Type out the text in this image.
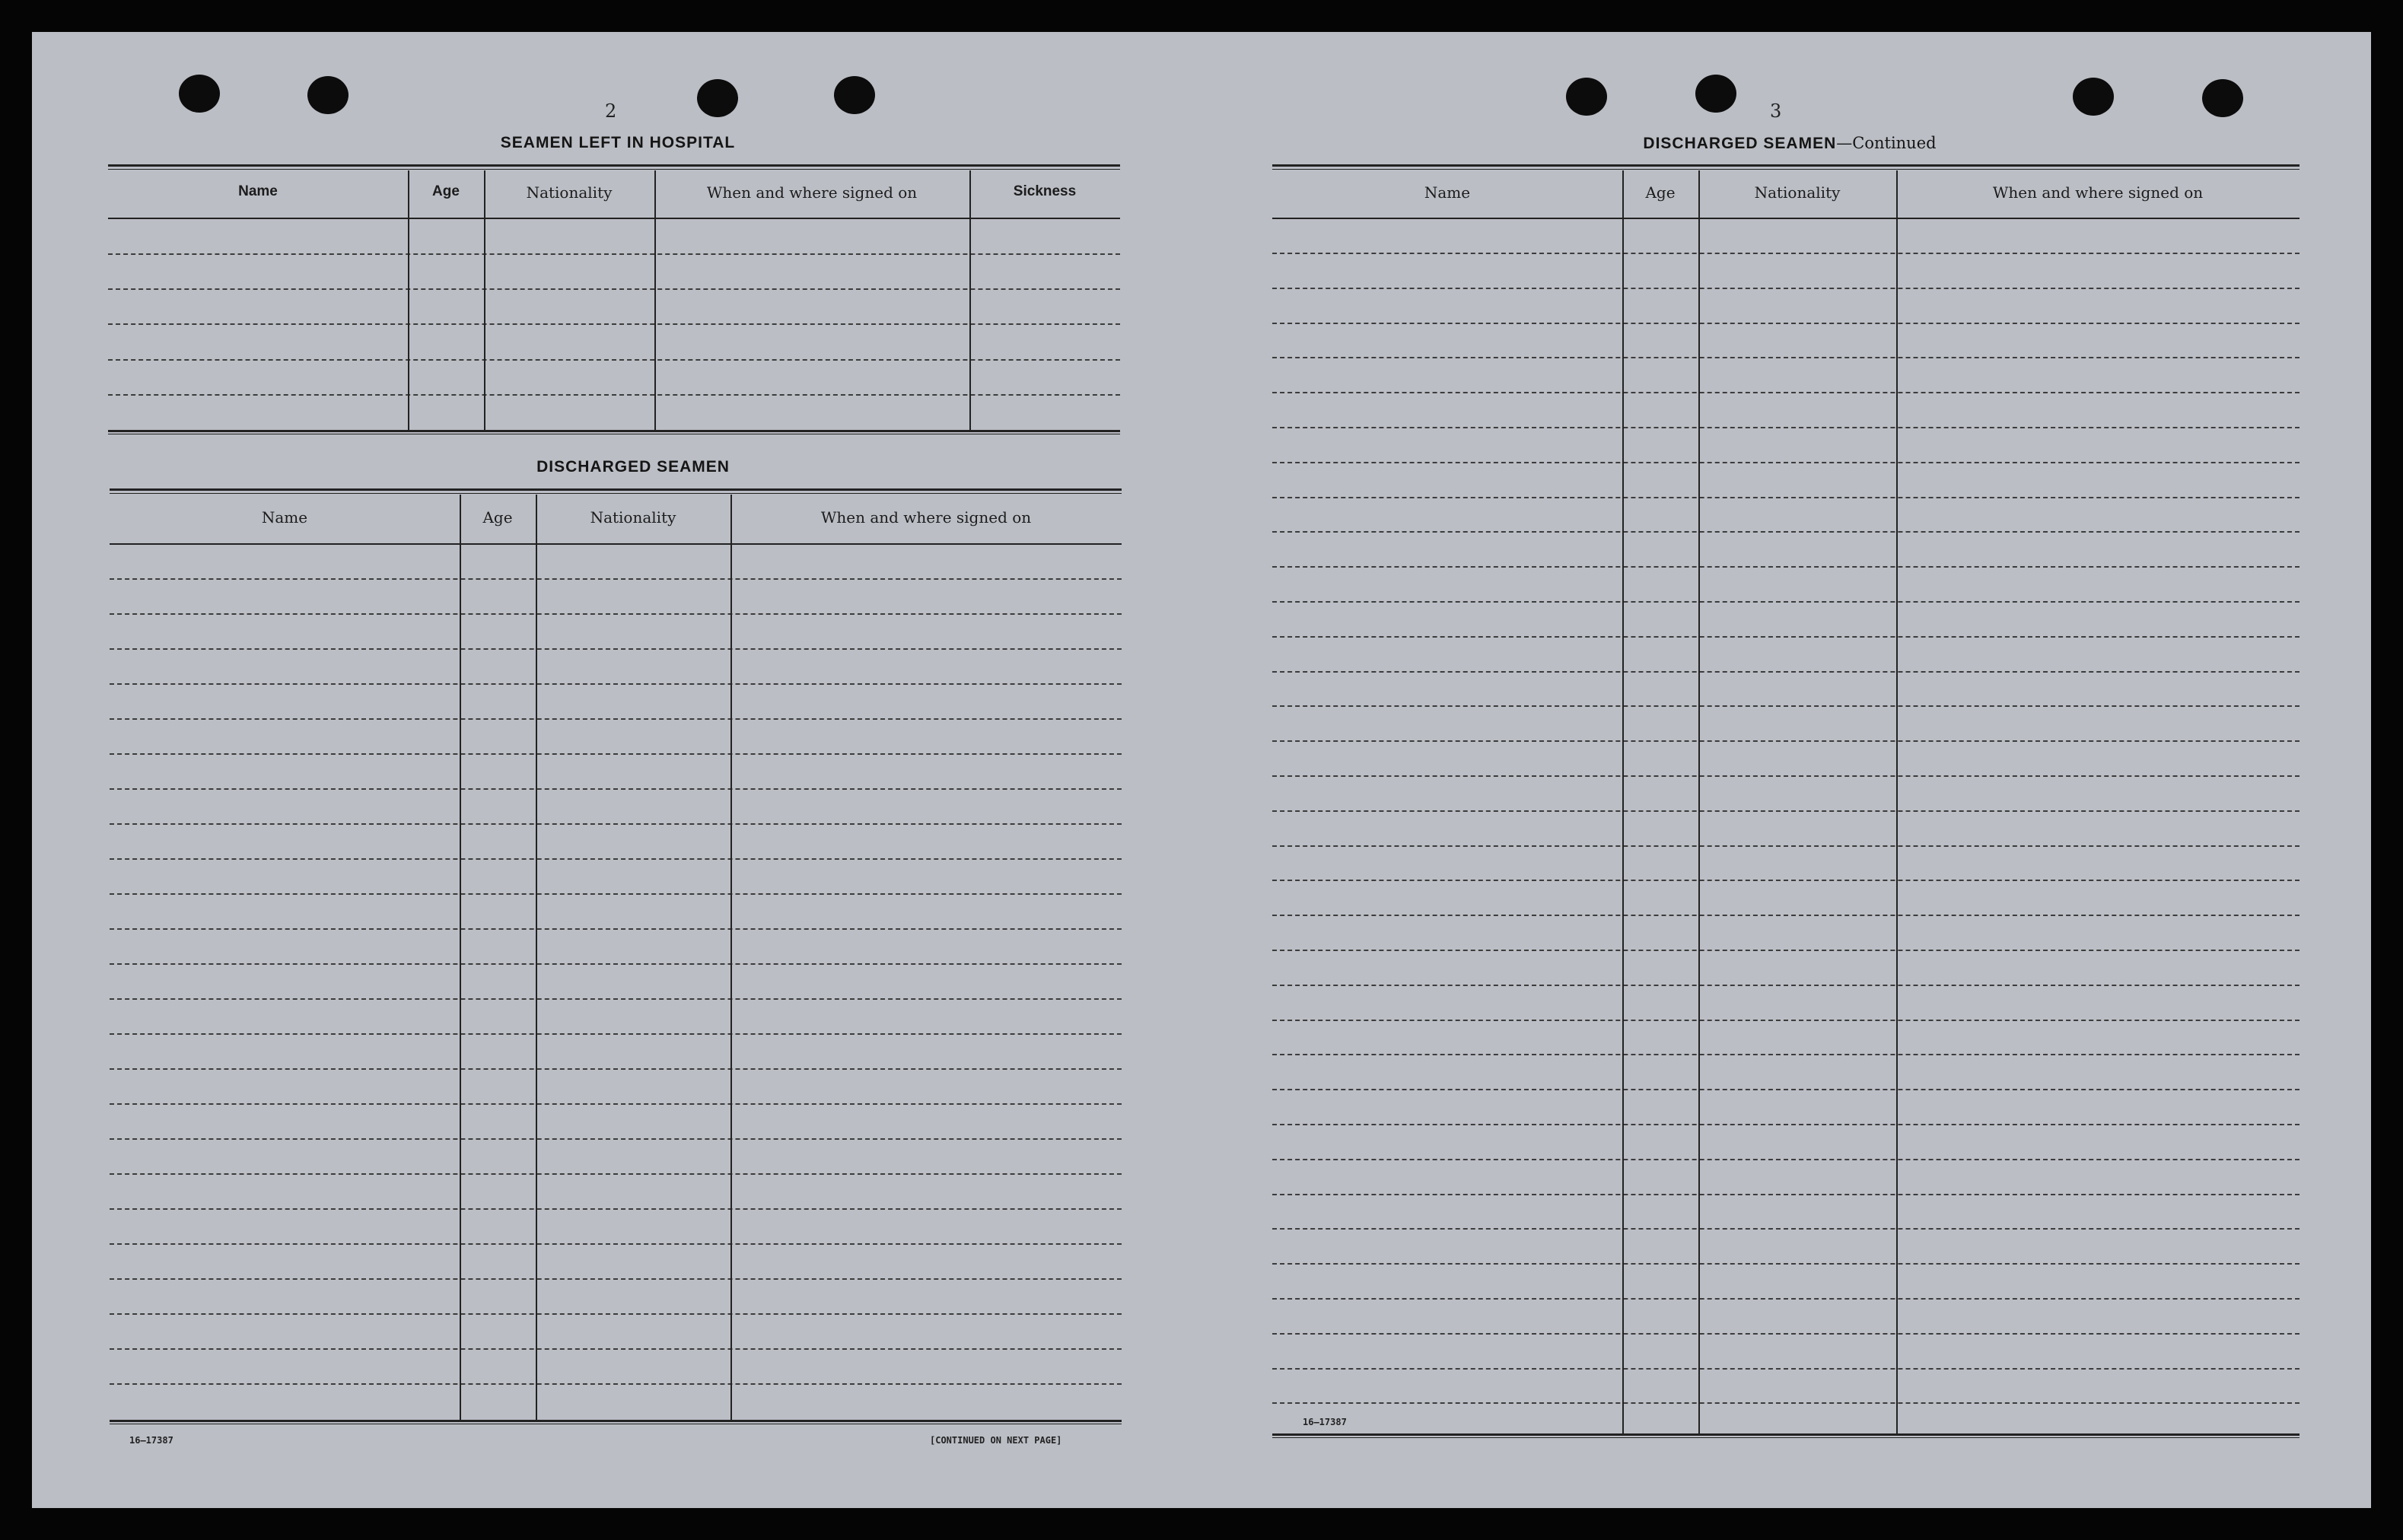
2
SEAMEN LEFT IN HOSPITAL
Name	Age	Nationality	When and where signed on	Sickness
DISCHARGED SEAMEN
Name	Age	Nationality	When and where signed on
16—17387	[CONTINUED ON NEXT PAGE]
3
DISCHARGED SEAMEN—Continued
Name	Age	Nationality	When and where signed on
16—17387
